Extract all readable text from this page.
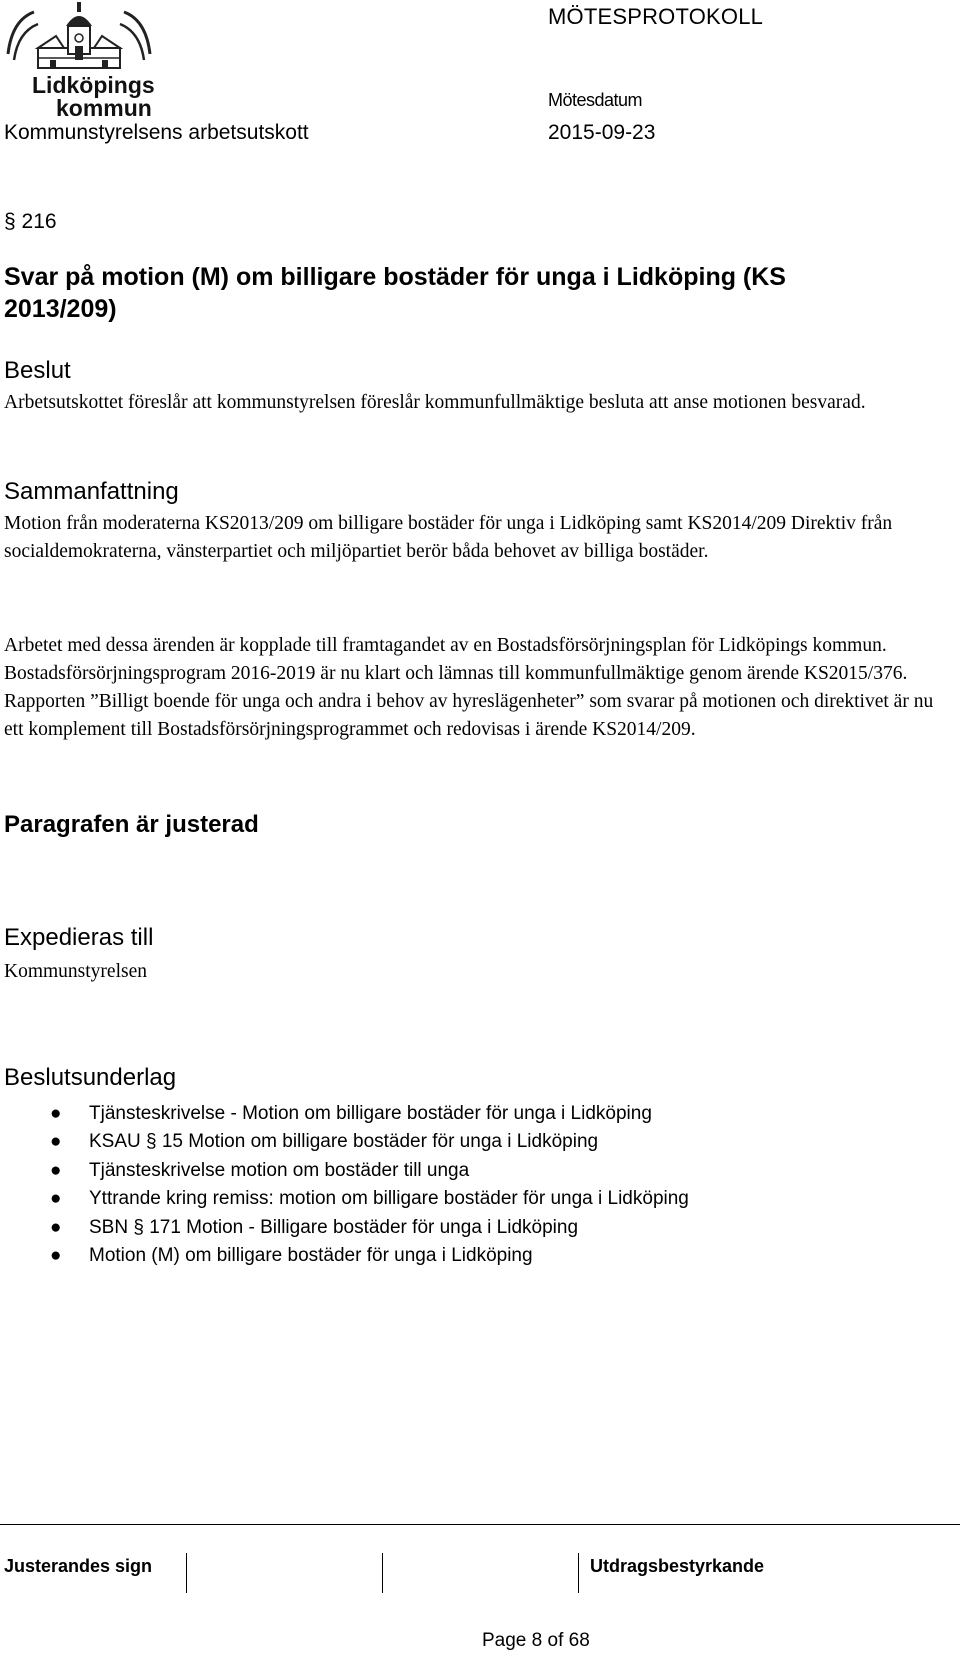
Lidköpings
kommun
MÖTESPROTOKOLL
Mötesdatum
Kommunstyrelsens arbetsutskott	2015-09-23
§ 216
Svar på motion (M) om billigare bostäder för unga i Lidköping (KS 2013/209)
Beslut
Arbetsutskottet föreslår att kommunstyrelsen föreslår kommunfullmäktige besluta att anse motionen besvarad.
Sammanfattning
Motion från moderaterna KS2013/209 om billigare bostäder för unga i Lidköping samt KS2014/209 Direktiv från socialdemokraterna, vänsterpartiet och miljöpartiet berör båda behovet av billiga bostäder.
Arbetet med dessa ärenden är kopplade till framtagandet av en Bostadsförsörjningsplan för Lidköpings kommun. Bostadsförsörjningsprogram 2016-2019 är nu klart och lämnas till kommunfullmäktige genom ärende KS2015/376. Rapporten ”Billigt boende för unga och andra i behov av hyreslägenheter” som svarar på motionen och direktivet är nu ett komplement till Bostadsförsörjningsprogrammet och redovisas i ärende KS2014/209.
Paragrafen är justerad
Expedieras till
Kommunstyrelsen
Beslutsunderlag
● Tjänsteskrivelse - Motion om billigare bostäder för unga i Lidköping
● KSAU § 15 Motion om billigare bostäder för unga i Lidköping
● Tjänsteskrivelse motion om bostäder till unga
● Yttrande kring remiss: motion om billigare bostäder för unga i Lidköping
● SBN § 171 Motion - Billigare bostäder för unga i Lidköping
● Motion (M) om billigare bostäder för unga i Lidköping
Justerandes sign	Utdragsbestyrkande
Page 8 of 68
